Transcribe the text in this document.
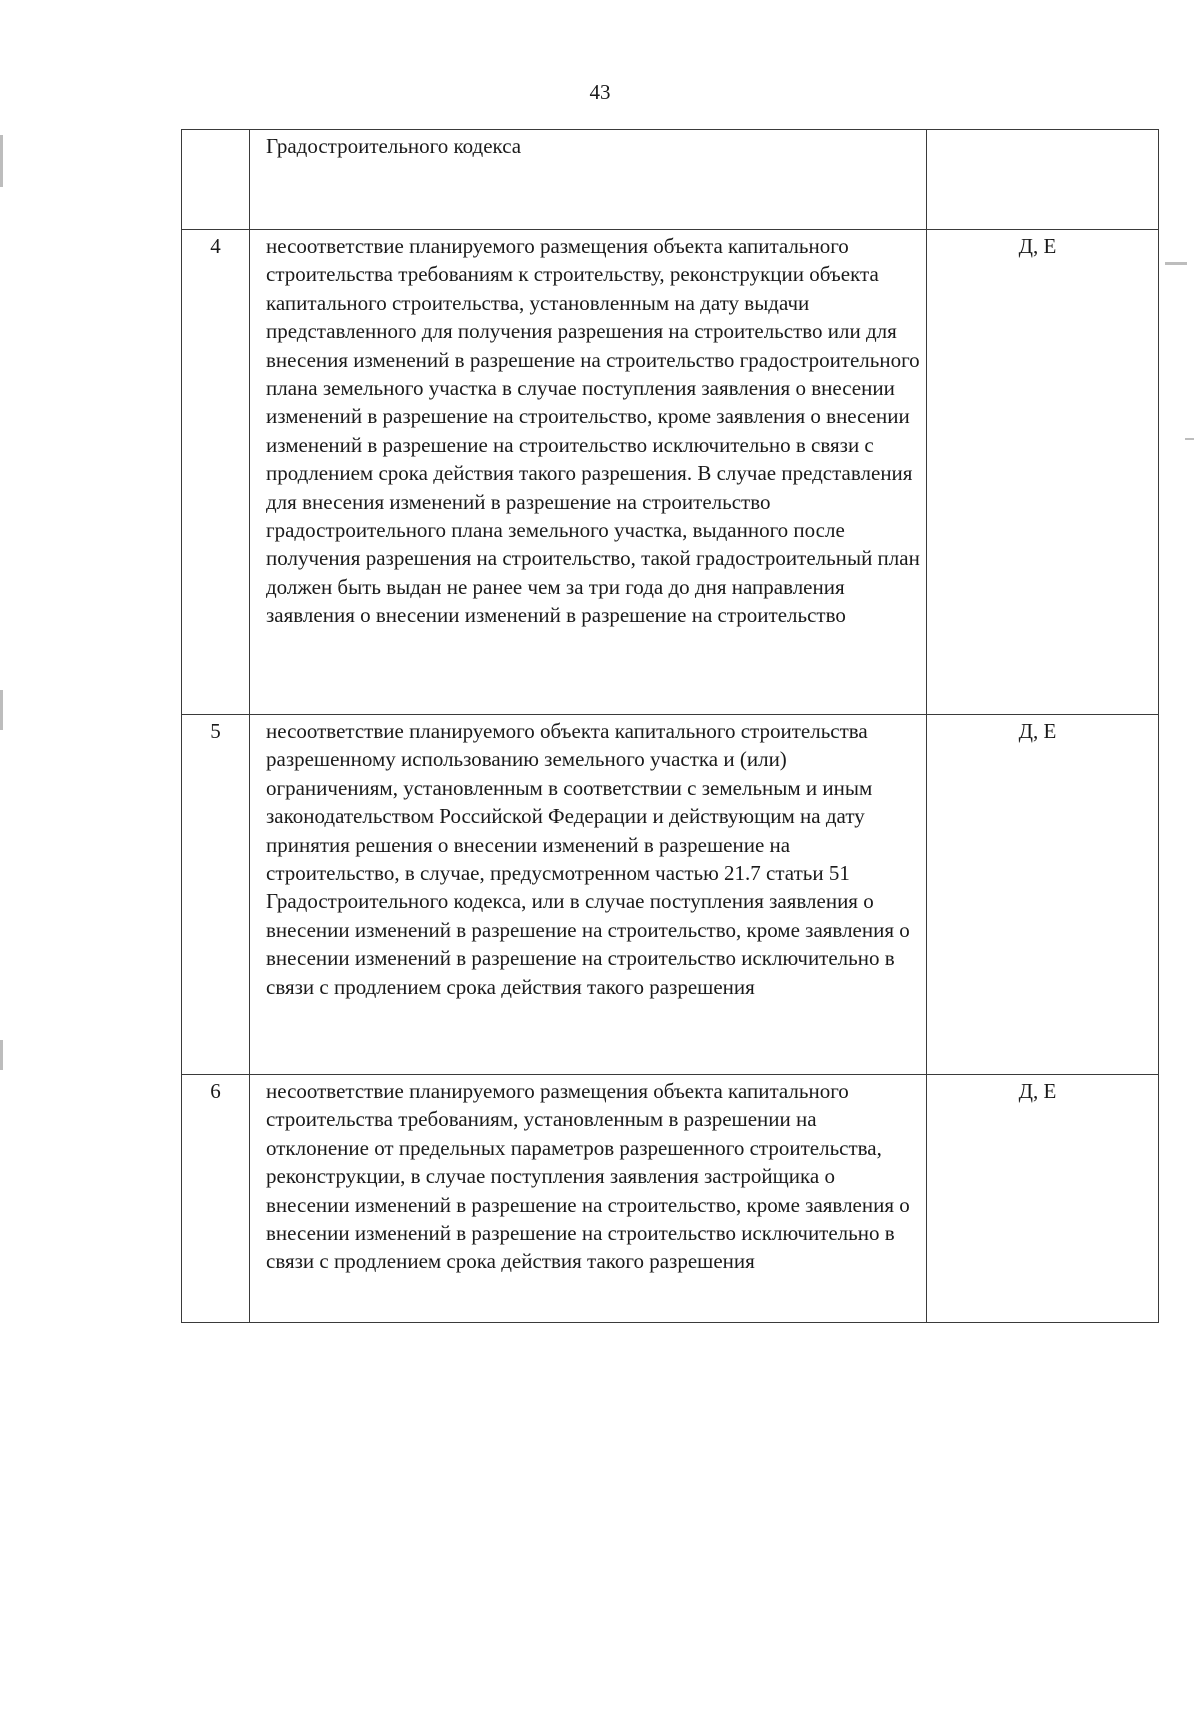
43
	Градостроительного кодекса	
4	несоответствие планируемого размещения объекта капитального строительства требованиям к строительству, реконструкции объекта капитального строительства, установленным на дату выдачи представленного для получения разрешения на строительство или для внесения изменений в разрешение на строительство градостроительного плана земельного участка в случае поступления заявления о внесении изменений в разрешение на строительство, кроме заявления о внесении изменений в разрешение на строительство исключительно в связи с продлением срока действия такого разрешения. В случае представления для внесения изменений в разрешение на строительство градостроительного плана земельного участка, выданного после получения разрешения на строительство, такой градостроительный план должен быть выдан не ранее чем за три года до дня направления заявления о внесении изменений в разрешение на строительство	Д, Е
5	несоответствие планируемого объекта капитального строительства разрешенному использованию земельного участка и (или) ограничениям, установленным в соответствии с земельным и иным законодательством Российской Федерации и действующим на дату принятия решения о внесении изменений в разрешение на строительство, в случае, предусмотренном частью 21.7 статьи 51 Градостроительного кодекса, или в случае поступления заявления о внесении изменений в разрешение на строительство, кроме заявления о внесении изменений в разрешение на строительство исключительно в связи с продлением срока действия такого разрешения	Д, Е
6	несоответствие планируемого размещения объекта капитального строительства требованиям, установленным в разрешении на отклонение от предельных параметров разрешенного строительства, реконструкции, в случае поступления заявления застройщика о внесении изменений в разрешение на строительство, кроме заявления о внесении изменений в разрешение на строительство исключительно в связи с продлением срока действия такого разрешения	Д, Е
